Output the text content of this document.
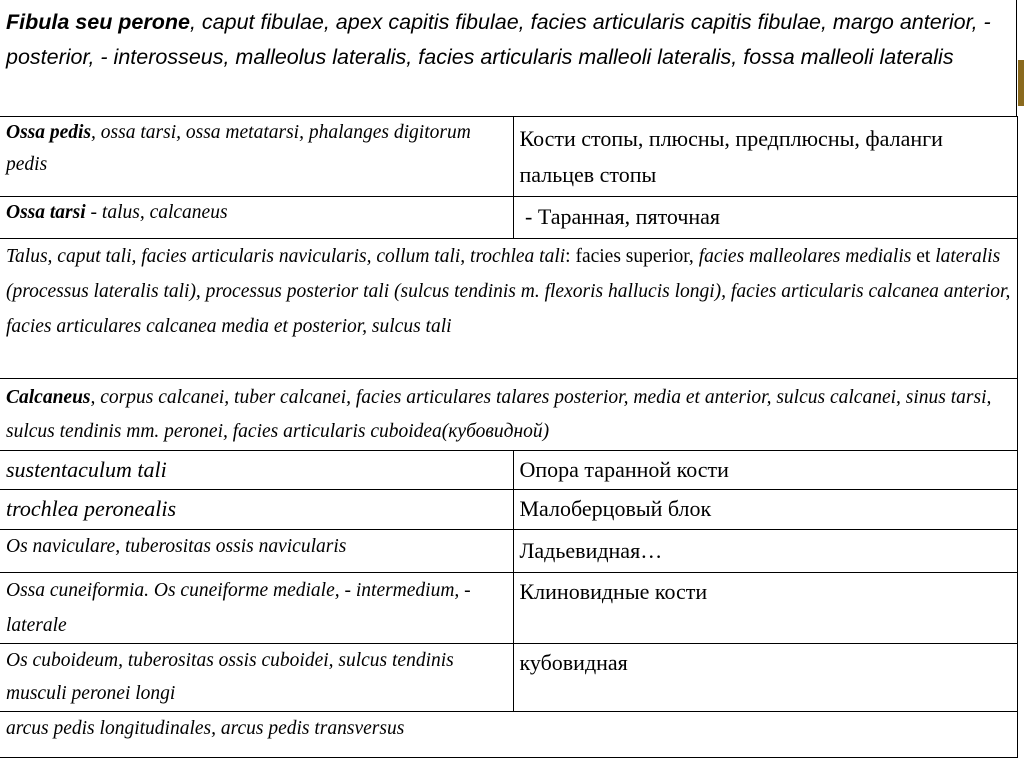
Fibula seu perone, caput fibulae, apex capitis fibulae, facies articularis capitis fibulae, margo anterior, - posterior, - interosseus, malleolus lateralis, facies articularis malleoli lateralis, fossa malleoli lateralis

Ossa pedis, ossa tarsi, ossa metatarsi, phalanges digitorum pedis	Кости стопы, плюсны, предплюсны, фаланги пальцев стопы
Ossa tarsi - talus, calcaneus	- Таранная, пяточная
Talus, caput tali, facies articularis navicularis, collum tali, trochlea tali: facies superior, facies malleolares medialis et lateralis (processus lateralis tali), processus posterior tali (sulcus tendinis m. flexoris hallucis longi), facies articularis calcanea anterior, facies articulares calcanea media et posterior, sulcus tali	
Calcaneus, corpus calcanei, tuber calcanei, facies articulares talares posterior, media et anterior, sulcus calcanei, sinus tarsi, sulcus tendinis mm. peronei, facies articularis cuboidea(кубовидной)	
sustentaculum tali	Опора таранной кости
trochlea peronealis	Малоберцовый блок
Os naviculare, tuberositas ossis navicularis	Ладьевидная…
Ossa cuneiformia. Os cuneiforme mediale, - intermedium, - laterale	Клиновидные кости
Os cuboideum, tuberositas ossis cuboidei, sulcus tendinis musculi peronei longi	кубовидная
arcus pedis longitudinales, arcus pedis transversus	
